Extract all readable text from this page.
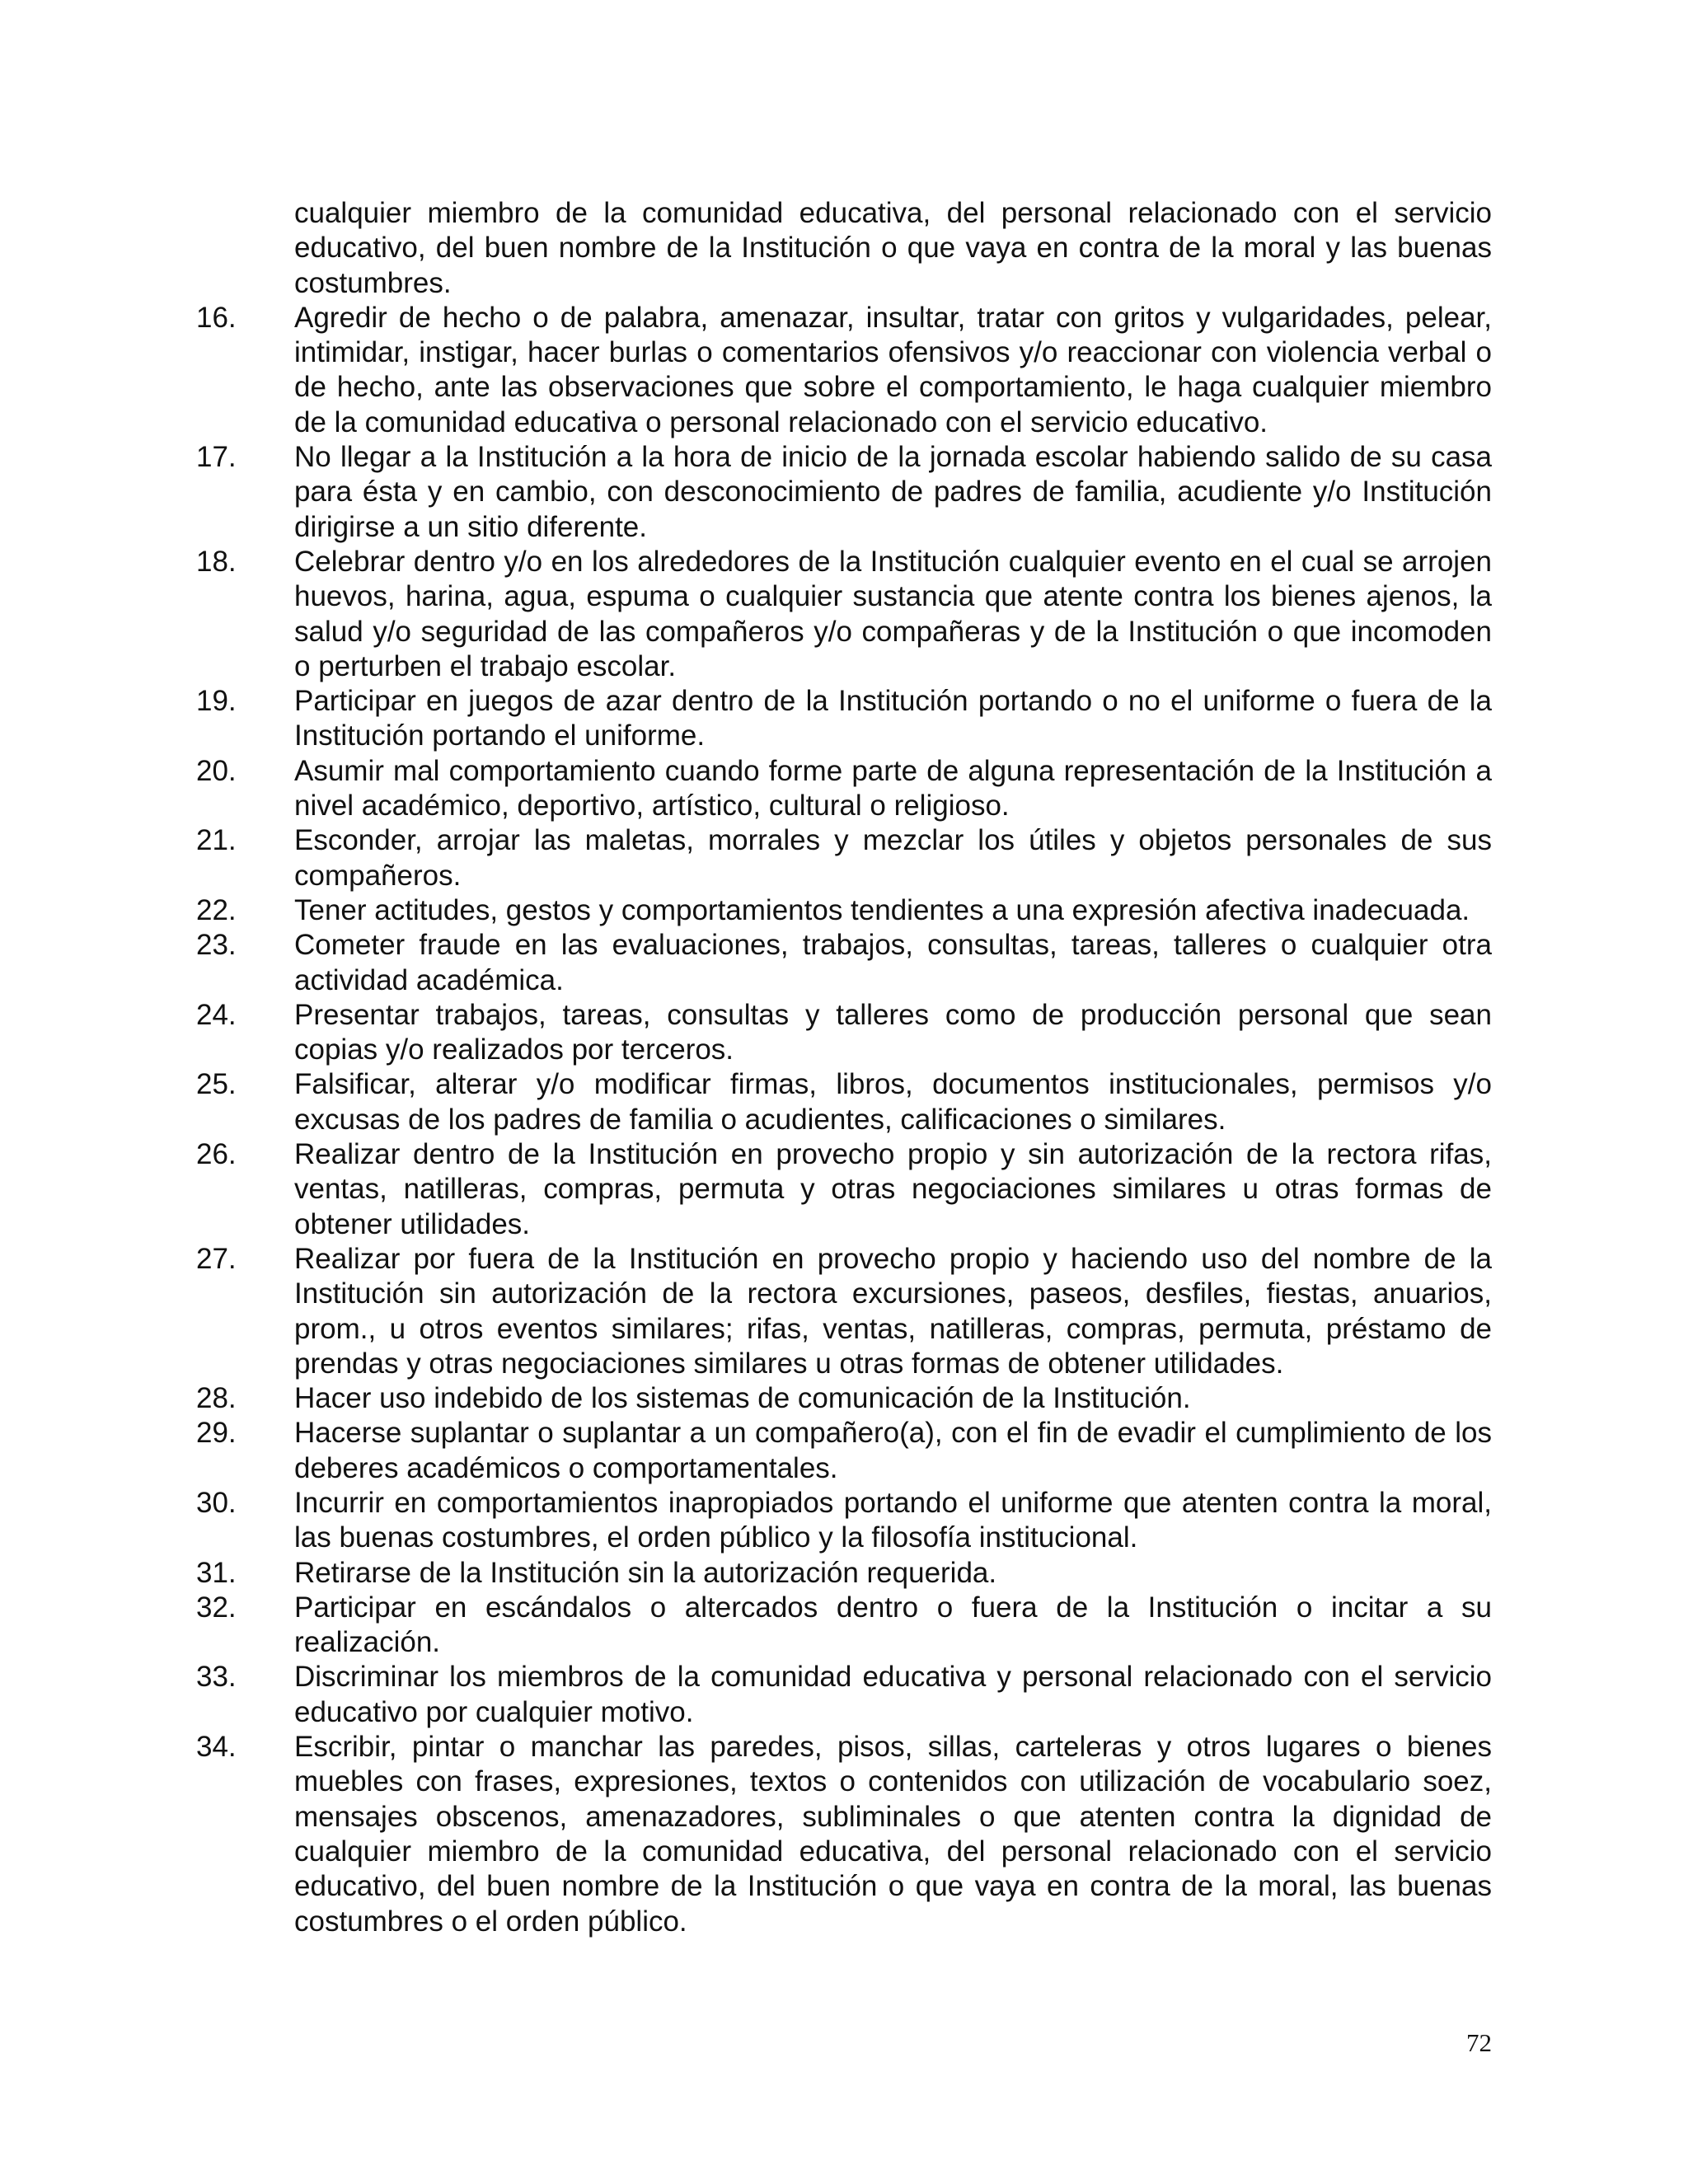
cualquier miembro de la comunidad educativa, del personal relacionado con el servicio educativo, del buen nombre de la Institución o que vaya en contra de la moral y las buenas costumbres.
16.	Agredir de hecho o de palabra, amenazar, insultar, tratar con gritos y vulgaridades, pelear, intimidar, instigar, hacer burlas o comentarios ofensivos y/o reaccionar con violencia verbal o de hecho, ante las observaciones que sobre el comportamiento, le haga cualquier miembro de la comunidad educativa o personal relacionado con el servicio educativo.
17.	No llegar a la Institución a la hora de inicio de la jornada escolar habiendo salido de su casa para ésta y en cambio, con desconocimiento de padres de familia, acudiente y/o Institución dirigirse a un sitio diferente.
18.	Celebrar dentro y/o en los alrededores de la Institución cualquier evento en el cual se arrojen huevos, harina, agua, espuma o cualquier sustancia que atente contra los bienes ajenos, la salud y/o seguridad de las compañeros y/o compañeras y de la Institución o que incomoden o perturben el trabajo escolar.
19.	Participar en juegos de azar dentro de la Institución portando o no el uniforme o fuera de la Institución portando el uniforme.
20.	Asumir mal comportamiento cuando forme parte de alguna representación de la Institución a nivel académico, deportivo, artístico, cultural o religioso.
21.	Esconder, arrojar las maletas, morrales y mezclar los útiles y objetos personales de sus compañeros.
22.	Tener actitudes, gestos y comportamientos tendientes a una expresión afectiva inadecuada.
23.	Cometer fraude en las evaluaciones, trabajos, consultas, tareas, talleres o cualquier otra actividad académica.
24.	Presentar trabajos, tareas, consultas y talleres como de producción personal que sean copias y/o realizados por terceros.
25.	Falsificar, alterar y/o modificar firmas, libros, documentos institucionales, permisos y/o excusas de los padres de familia o acudientes, calificaciones o similares.
26.	Realizar dentro de la Institución en provecho propio y sin autorización de la rectora rifas, ventas, natilleras, compras, permuta y otras negociaciones similares u otras formas de obtener utilidades.
27.	Realizar por fuera de la Institución en provecho propio y haciendo uso del nombre de la Institución sin autorización de la rectora excursiones, paseos, desfiles, fiestas, anuarios, prom., u otros eventos similares; rifas, ventas, natilleras, compras, permuta, préstamo de prendas y otras negociaciones similares u otras formas de obtener utilidades.
28.	Hacer uso indebido de los sistemas de comunicación de la Institución.
29.	Hacerse suplantar o suplantar a un compañero(a), con el fin de evadir el cumplimiento de los deberes académicos o comportamentales.
30.	Incurrir en comportamientos inapropiados portando el uniforme que atenten contra la moral, las buenas costumbres, el orden público y la filosofía institucional.
31.	Retirarse de la Institución sin la autorización requerida.
32.	Participar en escándalos o altercados dentro o fuera de la Institución o incitar a su realización.
33.	Discriminar los miembros de la comunidad educativa y personal relacionado con el servicio educativo por cualquier motivo.
34.	Escribir, pintar o manchar las paredes, pisos, sillas, carteleras y otros lugares o bienes muebles con frases, expresiones, textos o contenidos con utilización de vocabulario soez, mensajes obscenos, amenazadores, subliminales o que atenten contra la dignidad de cualquier miembro de la comunidad educativa, del personal relacionado con el servicio educativo, del buen nombre de la Institución o que vaya en contra de la moral, las buenas costumbres o el orden público.
72
